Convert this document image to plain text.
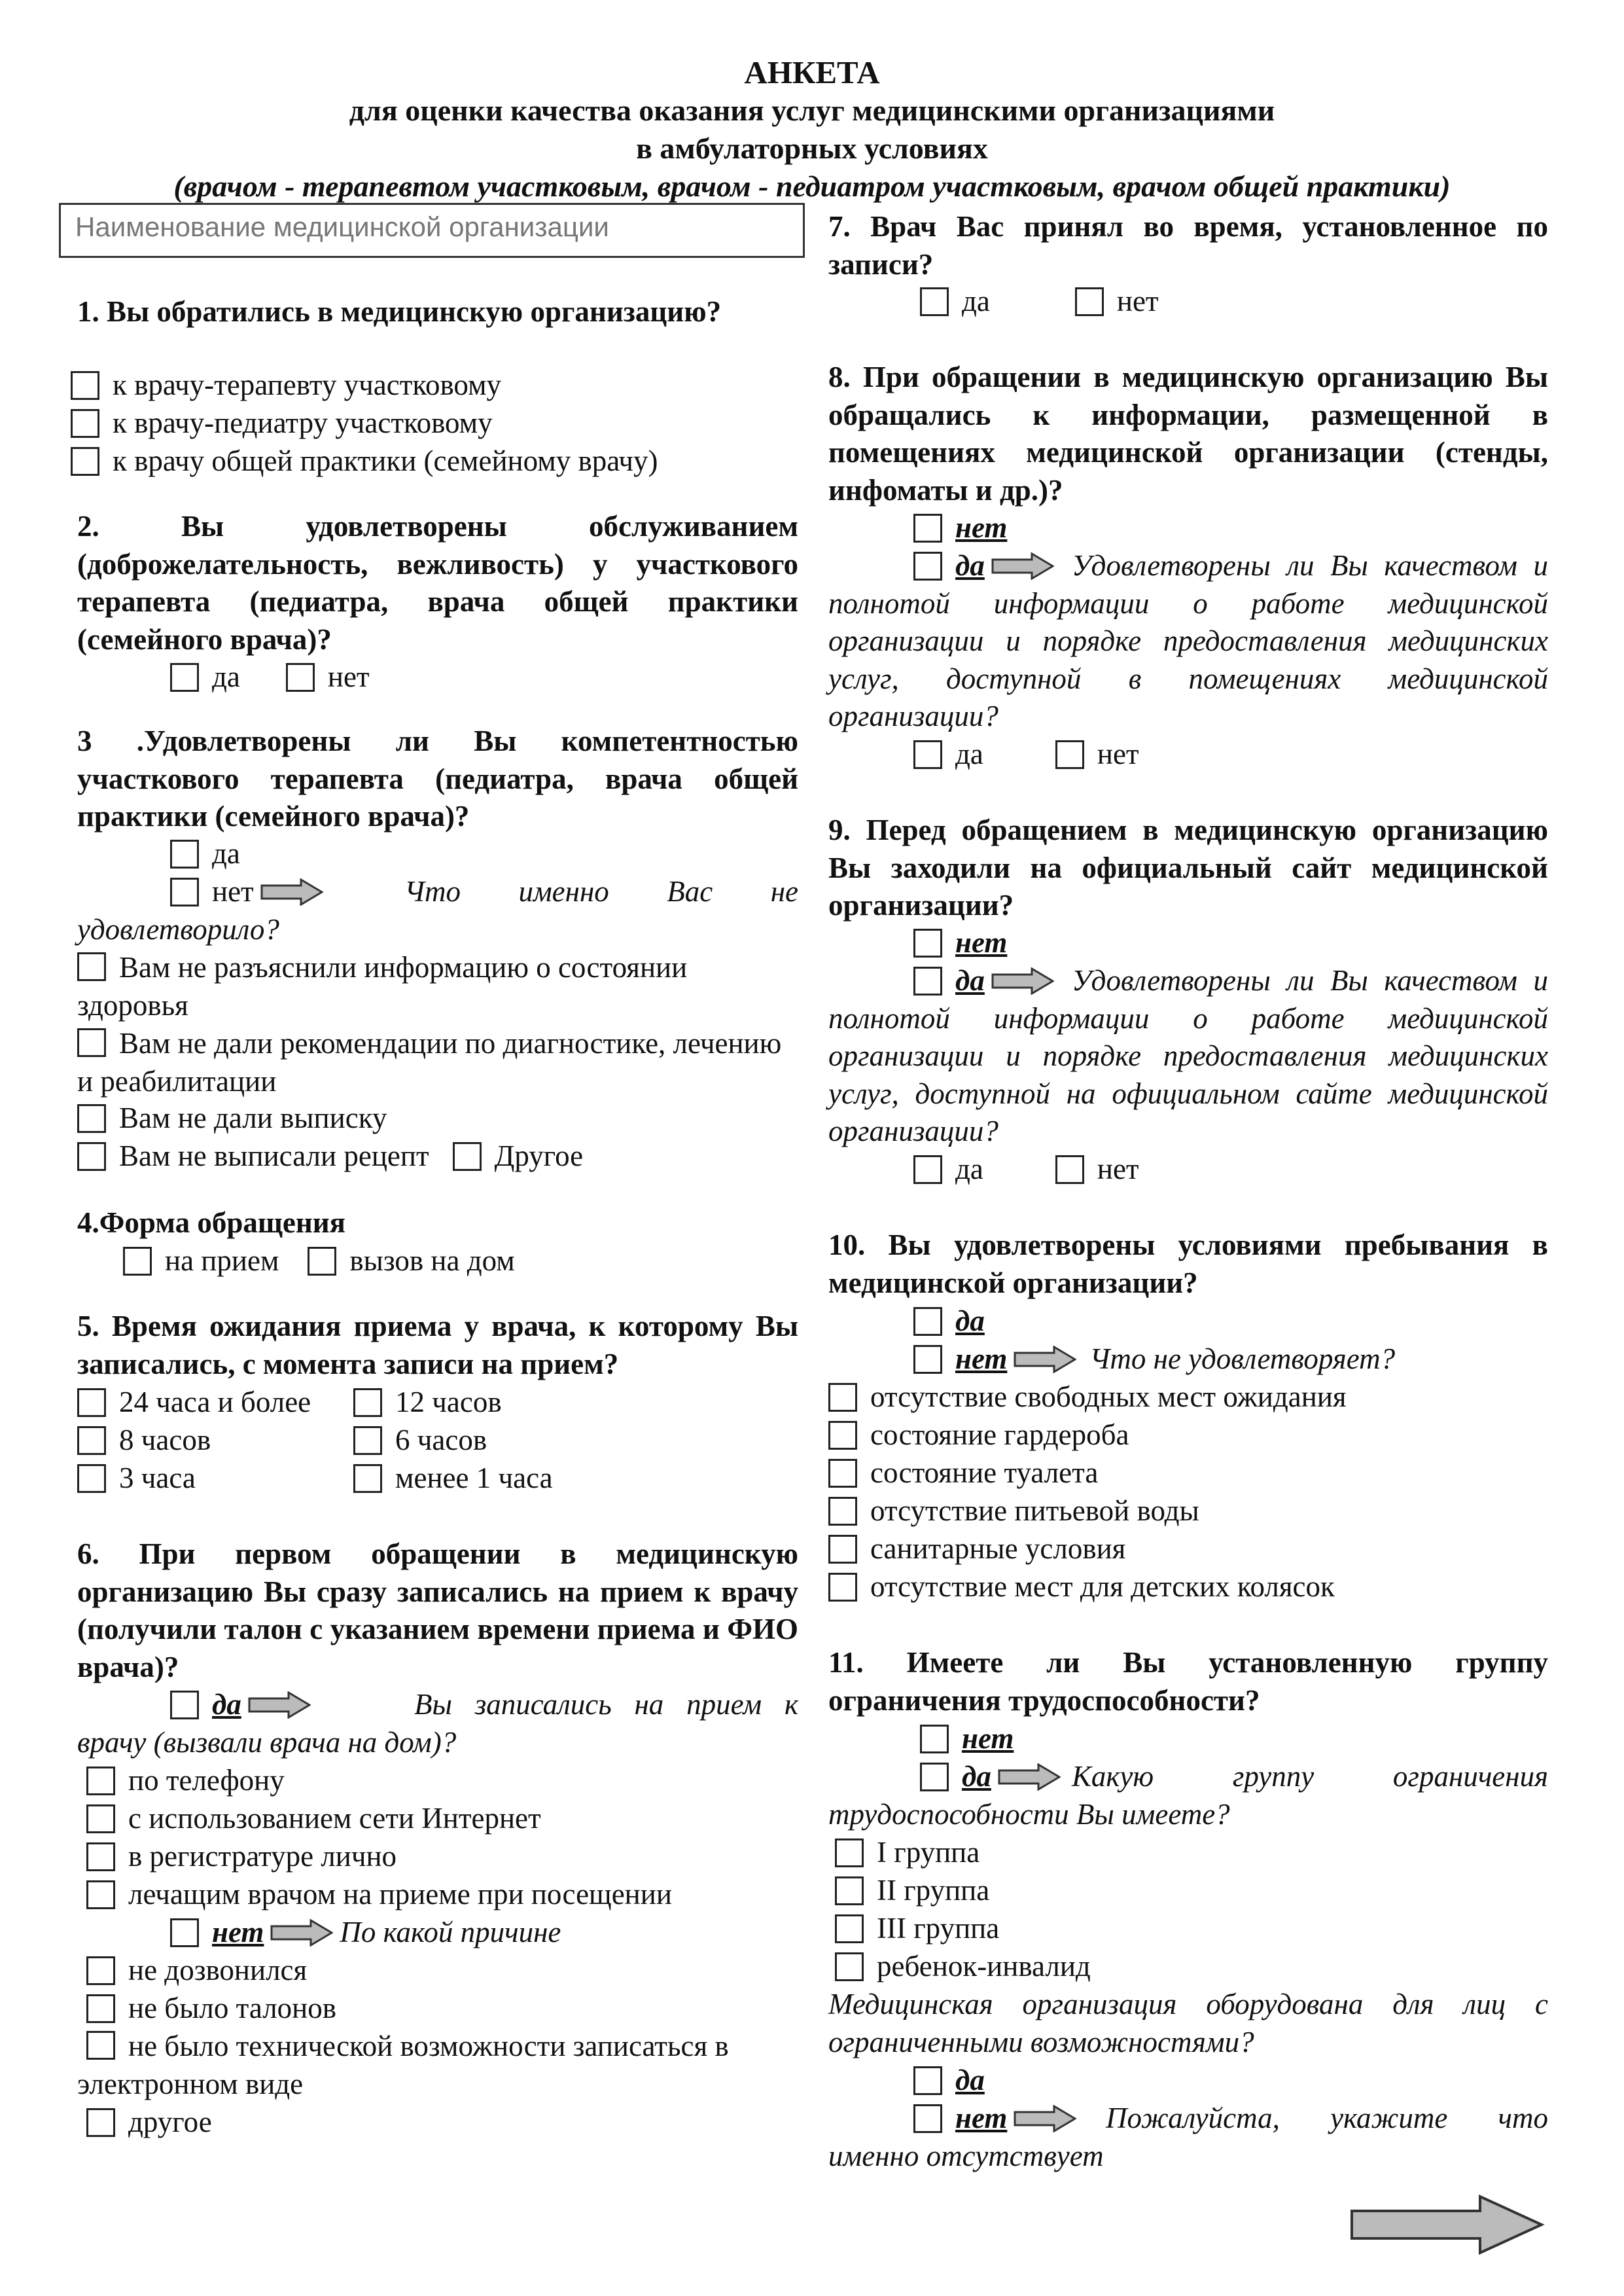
АНКЕТА
для оценки качества оказания услуг медицинскими организациями
в амбулаторных условиях
(врачом - терапевтом участковым, врачом - педиатром участковым, врачом общей практики)
Наименование медицинской организации
1. Вы обратились в медицинскую организацию?
к врачу-терапевту участковому
к врачу-педиатру участковому
к врачу общей практики (семейному врачу)
2. Вы удовлетворены обслуживанием (доброжелательность, вежливость) у участкового терапевта (педиатра, врача общей практики (семейного врача)?
да	нет
3 .Удовлетворены ли Вы компетентностью участкового терапевта (педиатра, врача общей практики (семейного врача)?
да
нет	Что именно Вас не удовлетворило?
Вам не разъяснили информацию о состоянии здоровья
Вам не дали рекомендации по диагностике, лечению и реабилитации
Вам не дали выписку
Вам не выписали рецепт Другое
4.Форма обращения
на прием вызов на дом
5. Время ожидания приема у врача, к которому Вы записались, с момента записи на прием?
24 часа и более	12 часов
8 часов	6 часов
3 часа	менее 1 часа
6. При первом обращении в медицинскую организацию Вы сразу записались на прием к врачу (получили талон с указанием времени приема и ФИО врача)?
да	Вы записались на прием к врачу (вызвали врача на дом)?
по телефону
с использованием сети Интернет
в регистратуре лично
лечащим врачом на приеме при посещении
нет	По какой причине
не дозвонился
не было талонов
не было технической возможности записаться в электронном виде
другое
7. Врач Вас принял во время, установленное по записи?
да	нет
8. При обращении в медицинскую организацию Вы обращались к информации, размещенной в помещениях медицинской организации (стенды, инфоматы и др.)?
нет
да	Удовлетворены ли Вы качеством и полнотой информации о работе медицинской организации и порядке предоставления медицинских услуг, доступной в помещениях медицинской организации?
да	нет
9. Перед обращением в медицинскую организацию Вы заходили на официальный сайт медицинской организации?
нет
да	Удовлетворены ли Вы качеством и полнотой информации о работе медицинской организации и порядке предоставления медицинских услуг, доступной на официальном сайте медицинской организации?
да	нет
10. Вы удовлетворены условиями пребывания в медицинской организации?
да
нет	Что не удовлетворяет?
отсутствие свободных мест ожидания
состояние гардероба
состояние туалета
отсутствие питьевой воды
санитарные условия
отсутствие мест для детских колясок
11. Имеете ли Вы установленную группу ограничения трудоспособности?
нет
да	Какую группу ограничения трудоспособности Вы имеете?
I группа
II группа
III группа
ребенок-инвалид
Медицинская организация оборудована для лиц с ограниченными возможностями?
да
нет	Пожалуйста, укажите что именно отсутствует
